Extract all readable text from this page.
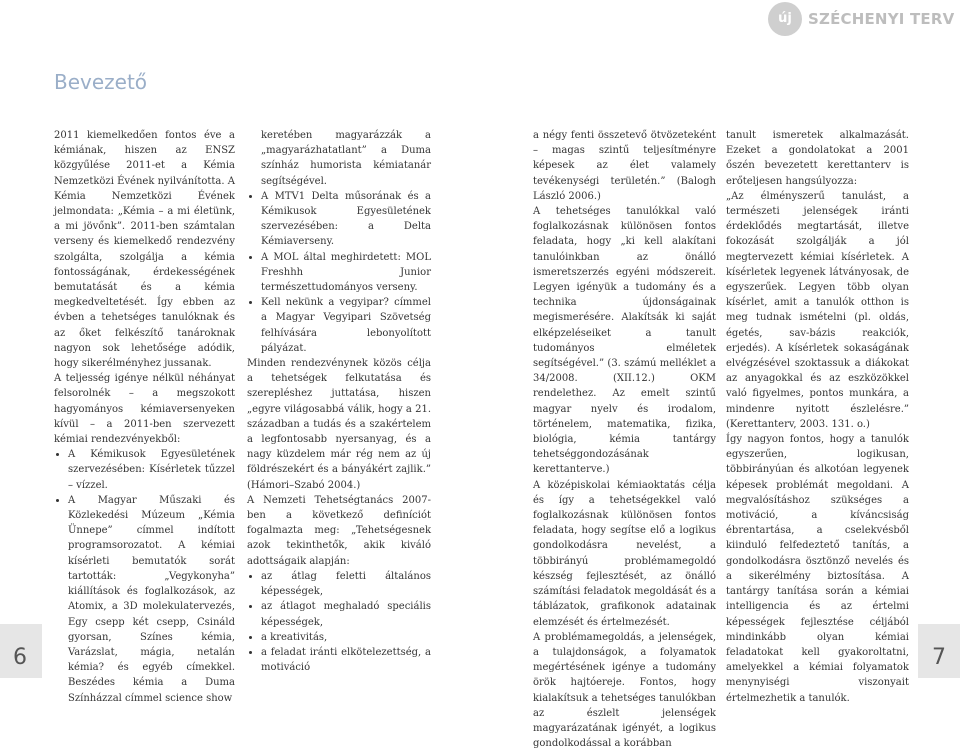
új SZÉCHENYI TERV
Bevezető

2011 kiemelkedően fontos éve a kémiának, hiszen az ENSZ közgyűlése 2011-et a Kémia Nemzetközi Évének nyilvánította. A Kémia Nemzetközi Évének jelmondata: „Kémia – a mi életünk, a mi jövőnk”. 2011-ben számtalan verseny és kiemelkedő rendezvény szolgálta, szolgálja a kémia fontosságának, érdekességének bemutatását és a kémia megkedveltetését. Így ebben az évben a tehetséges tanulóknak és az őket felkészítő tanároknak nagyon sok lehetősége adódik, hogy sikerélményhez jussanak.

A teljesség igénye nélkül néhányat felsorolnék – a megszokott hagyományos kémiaversenyeken kívül – a 2011-ben szervezett kémiai rendezvényekből:

• A Kémikusok Egyesületének szervezésében: Kísérletek tűzzel – vízzel.
• A Magyar Műszaki és Közlekedési Múzeum „Kémia Ünnepe” címmel indított programsorozatot. A kémiai kísérleti bemutatók sorát tartották: „Vegykonyha” kiállítások és foglalkozások, az Atomix, a 3D molekulatervezés, Egy csepp két csepp, Csináld gyorsan, Színes kémia, Varázslat, mágia, netalán kémia? és egyéb címekkel. Beszédes kémia a Duma Színházzal címmel science show
keretében magyarázzák a „magyarázhatatlant” a Duma színház humorista kémiatanár segítségével.
• A MTV1 Delta műsorának és a Kémikusok Egyesületének szervezésében: a Delta Kémiaverseny.
• A MOL által meghirdetett: MOL Freshhh Junior természettudományos verseny.
• Kell nekünk a vegyipar? címmel a Magyar Vegyipari Szövetség felhívására lebonyolított pályázat.

Minden rendezvénynek közös célja a tehetségek felkutatása és szerepléshez juttatása, hiszen „egyre világosabbá válik, hogy a 21. században a tudás és a szakértelem a legfontosabb nyersanyag, és a nagy küzdelem már rég nem az új földrészekért és a bányákért zajlik.” (Hámori–Szabó 2004.)

A Nemzeti Tehetségtanács 2007-ben a következő definíciót fogalmazta meg: „Tehetségesnek azok tekinthetők, akik kiváló adottságaik alapján:

• az átlag feletti általános képességek,
• az átlagot meghaladó speciális képességek,
• a kreativitás,
• a feladat iránti elkötelezettség, a motiváció

a négy fenti összetevő ötvözeteként – magas szintű teljesítményre képesek az élet valamely tevékenységi területén.” (Balogh László 2006.)

A tehetséges tanulókkal való foglalkozásnak különösen fontos feladata, hogy „ki kell alakítani tanulóinkban az önálló ismeretszerzés egyéni módszereit. Legyen igényük a tudomány és a technika újdonságainak megismerésére. Alakítsák ki saját elképzeléseiket a tanult tudományos elméletek segítségével.” (3. számú melléklet a 34/2008. (XII.12.) OKM rendelethez. Az emelt szintű magyar nyelv és irodalom, történelem, matematika, fizika, biológia, kémia tantárgy tehetséggondozásának kerettanterve.)

A középiskolai kémiaoktatás célja és így a tehetségekkel való foglalkozásnak különösen fontos feladata, hogy segítse elő a logikus gondolkodásra nevelést, a többirányú problémamegoldó készség fejlesztését, az önálló számítási feladatok megoldását és a táblázatok, grafikonok adatainak elemzését és értelmezését.

A problémamegoldás, a jelenségek, a tulajdonságok, a folyamatok megértésének igénye a tudomány örök hajtóereje. Fontos, hogy kialakítsuk a tehetséges tanulókban az észlelt jelenségek magyarázatának igényét, a logikus gondolkodással a korábban

tanult ismeretek alkalmazását. Ezeket a gondolatokat a 2001 őszén bevezetett kerettanterv is erőteljesen hangsúlyozza:

„Az élményszerű tanulást, a természeti jelenségek iránti érdeklődés megtartását, illetve fokozását szolgálják a jól megtervezett kémiai kísérletek. A kísérletek legyenek látványosak, de egyszerűek. Legyen több olyan kísérlet, amit a tanulók otthon is meg tudnak ismételni (pl. oldás, égetés, sav-bázis reakciók, erjedés). A kísérletek sokaságának elvégzésével szoktassuk a diákokat az anyagokkal és az eszközökkel való figyelmes, pontos munkára, a mindenre nyitott észlelésre.” (Kerettanterv, 2003. 131. o.)

Így nagyon fontos, hogy a tanulók egyszerűen, logikusan, többirányúan és alkotóan legyenek képesek problémát megoldani. A megvalósításhoz szükséges a motiváció, a kíváncsiság ébrentartása, a cselekvésből kiinduló felfedeztető tanítás, a gondolkodásra ösztönző nevelés és a sikerélmény biztosítása. A tantárgy tanítása során a kémiai intelligencia és az értelmi képességek fejlesztése céljából mindinkább olyan kémiai feladatokat kell gyakoroltatni, amelyekkel a kémiai folyamatok menynyiségi viszonyait értelmezhetik a tanulók.

6	7
